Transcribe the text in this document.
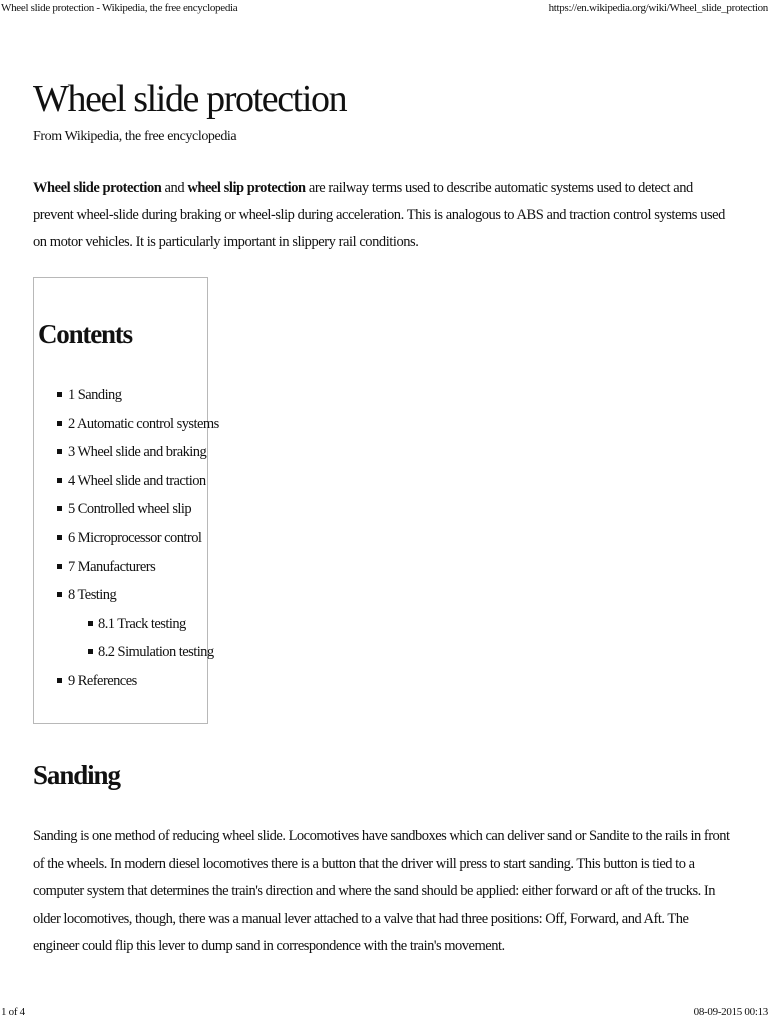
Wheel slide protection - Wikipedia, the free encyclopedia	https://en.wikipedia.org/wiki/Wheel_slide_protection
Wheel slide protection
From Wikipedia, the free encyclopedia

Wheel slide protection and wheel slip protection are railway terms used to describe automatic systems used to detect and prevent wheel-slide during braking or wheel-slip during acceleration. This is analogous to ABS and traction control systems used on motor vehicles. It is particularly important in slippery rail conditions.

Contents
1 Sanding
2 Automatic control systems
3 Wheel slide and braking
4 Wheel slide and traction
5 Controlled wheel slip
6 Microprocessor control
7 Manufacturers
8 Testing
8.1 Track testing
8.2 Simulation testing
9 References
Sanding

Sanding is one method of reducing wheel slide. Locomotives have sandboxes which can deliver sand or Sandite to the rails in front of the wheels. In modern diesel locomotives there is a button that the driver will press to start sanding. This button is tied to a computer system that determines the train's direction and where the sand should be applied: either forward or aft of the trucks. In older locomotives, though, there was a manual lever attached to a valve that had three positions: Off, Forward, and Aft. The engineer could flip this lever to dump sand in correspondence with the train's movement.

1 of 4	08-09-2015 00:13
